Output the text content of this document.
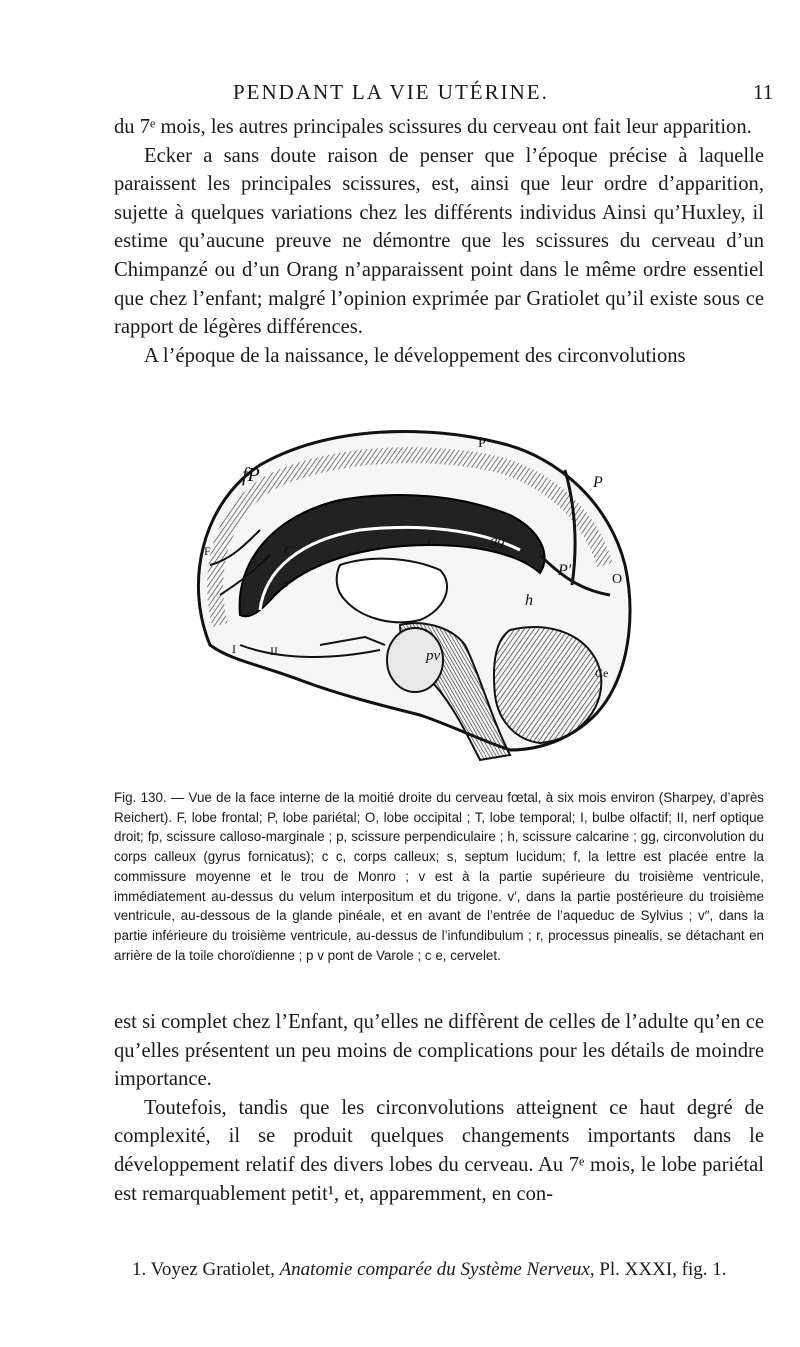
PENDANT LA VIE UTÉRINE.	11

du 7ᵉ mois, les autres principales scissures du cerveau ont fait leur apparition.

Ecker a sans doute raison de penser que l’époque précise à laquelle paraissent les principales scissures, est, ainsi que leur ordre d’apparition, sujette à quelques variations chez les différents individus Ainsi qu’Huxley, il estime qu’aucune preuve ne démontre que les scissures du cerveau d’un Chimpanzé ou d’un Orang n’apparaissent point dans le même ordre essentiel que chez l’enfant; malgré l’opinion exprimée par Gratiolet qu’il existe sous ce rapport de légères différences.

A l’époque de la naissance, le développement des circonvolutions

fP
P
P
F	C
c
s
gg
P′
O
h
I	II	pv
Ce

Fig. 130. — Vue de la face interne de la moitié droite du cerveau fœtal, à six mois environ (Sharpey, d’après Reichert). F, lobe frontal; P, lobe pariétal; O, lobe occipital ; T, lobe temporal; I, bulbe olfactif; II, nerf optique droit; fp, scissure calloso-marginale ; p, scissure perpendiculaire ; h, scissure calcarine ; gg, circonvolution du corps calleux (gyrus fornicatus); c c, corps calleux; s, septum lucidum; f, la lettre est placée entre la commissure moyenne et le trou de Monro ; v est à la partie supérieure du troisième ventricule, immédiatement au-dessus du velum interpositum et du trigone. v′, dans la partie postérieure du troisième ventricule, au-dessous de la glande pinéale, et en avant de l’entrée de l’aqueduc de Sylvius ; v″, dans la partie inférieure du troisième ventricule, au-dessus de l’infundibulum ; r, processus pinealis, se détachant en arrière de la toile choroïdienne ; p v pont de Varole ; c e, cervelet.

est si complet chez l’Enfant, qu’elles ne diffèrent de celles de l’adulte qu’en ce qu’elles présentent un peu moins de complications pour les détails de moindre importance.

Toutefois, tandis que les circonvolutions atteignent ce haut degré de complexité, il se produit quelques changements importants dans le développement relatif des divers lobes du cerveau. Au 7ᵉ mois, le lobe pariétal est remarquablement petit¹, et, apparemment, en con-

1. Voyez Gratiolet, Anatomie comparée du Système Nerveux, Pl. XXXI, fig. 1.
